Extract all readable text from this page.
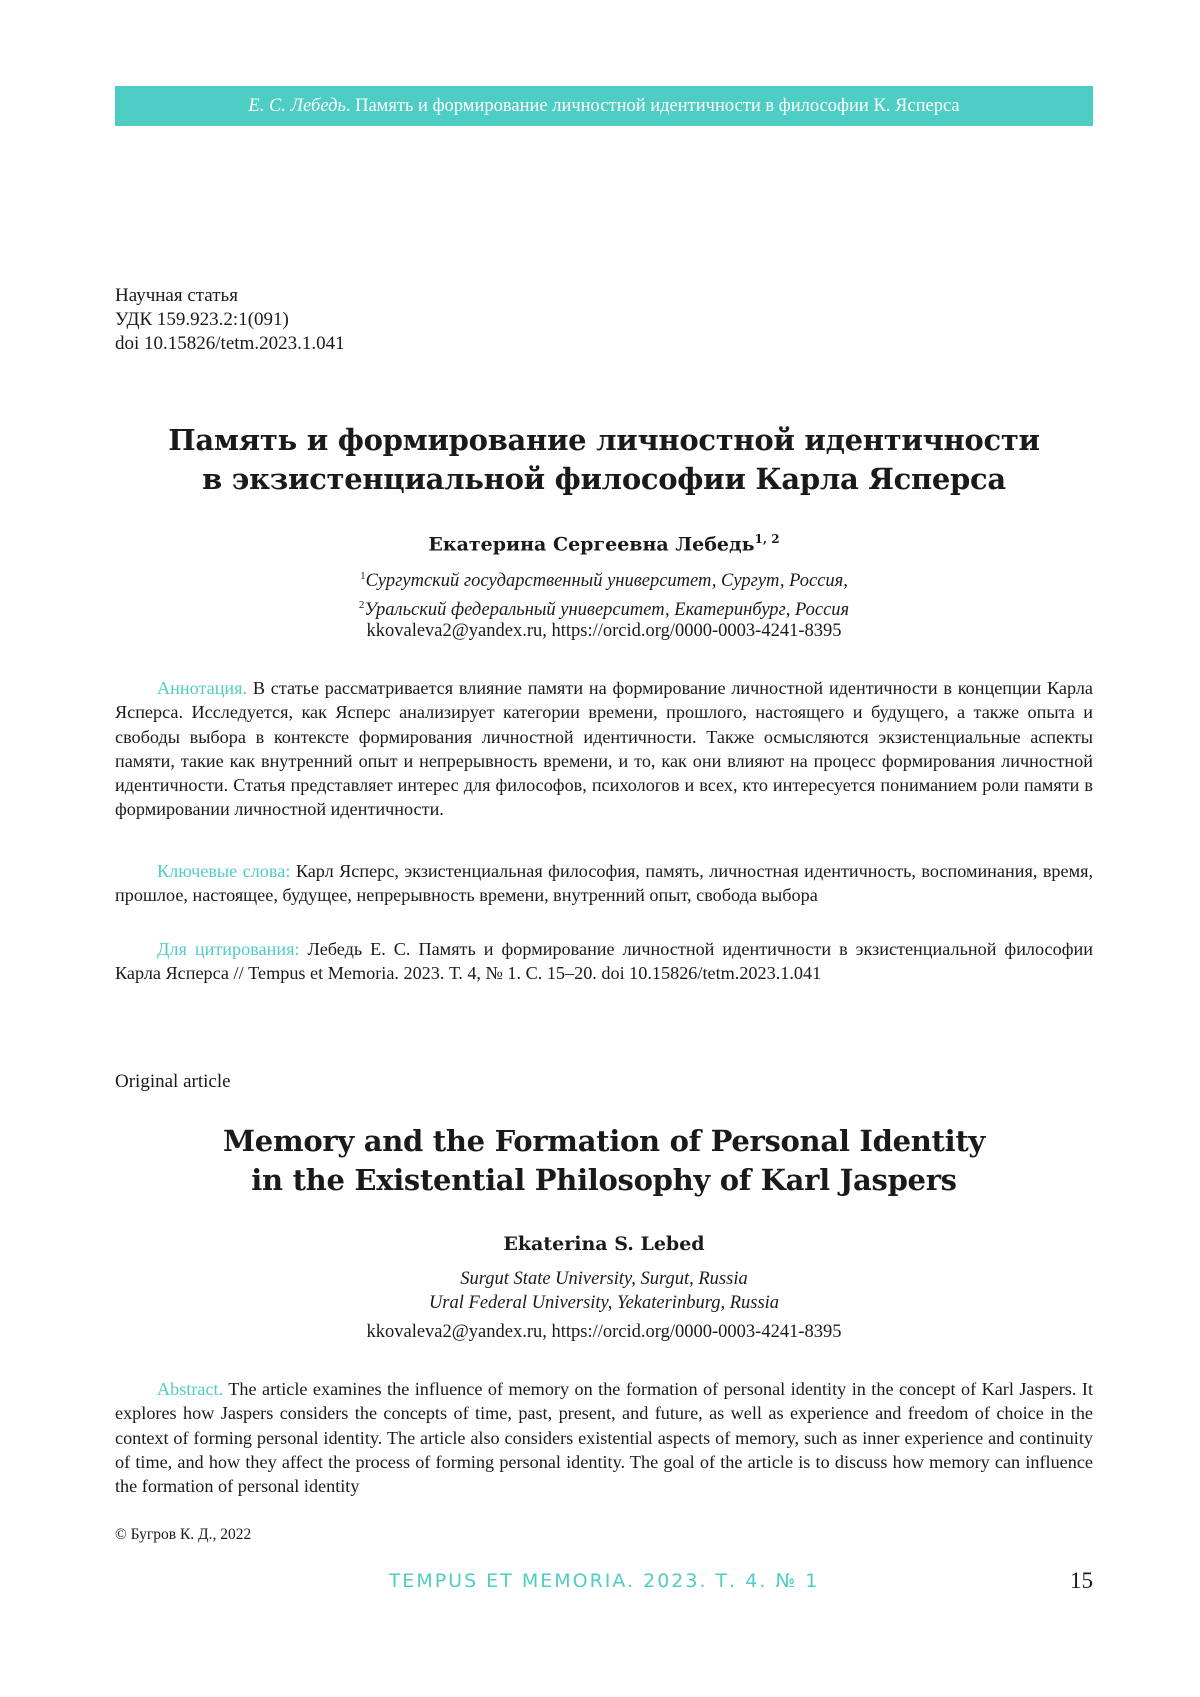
Е. С. Лебедь . Память и формирование личностной идентичности в философии К. Ясперса
Научная статья
УДК 159.923.2:1(091)
doi 10.15826/tetm.2023.1.041
Память и формирование личностной идентичности
в экзистенциальной философии Карла Ясперса
Екатерина Сергеевна Лебедь1, 2
1Сургутский государственный университет, Сургут, Россия,
2Уральский федеральный университет, Екатеринбург, Россия
kkovaleva2@yandex.ru, https://orcid.org/0000-0003-4241-8395
Аннотация. В статье рассматривается влияние памяти на формирование личностной идентичности в концепции Карла Ясперса. Исследуется, как Ясперс анализирует категории времени, прошлого, настоящего и будущего, а также опыта и свободы выбора в контексте формирования личностной идентичности. Также осмысляются экзистенциальные аспекты памяти, такие как внутренний опыт и непрерывность времени, и то, как они влияют на процесс формирования личностной идентичности. Статья представляет интерес для философов, психологов и всех, кто интересуется пониманием роли памяти в формировании личностной идентичности.
Ключевые слова: Карл Ясперс, экзистенциальная философия, память, личностная идентичность, воспоминания, время, прошлое, настоящее, будущее, непрерывность времени, внутренний опыт, свобода выбора
Для цитирования: Лебедь Е. С. Память и формирование личностной идентичности в экзистенциальной философии Карла Ясперса // Tempus et Memoria. 2023. Т. 4, № 1. С. 15–20. doi 10.15826/tetm.2023.1.041
Original article
Memory and the Formation of Personal Identity
in the Existential Philosophy of Karl Jaspers
Ekaterina S. Lebed
Surgut State University, Surgut, Russia
Ural Federal University, Yekaterinburg, Russia
kkovaleva2@yandex.ru, https://orcid.org/0000-0003-4241-8395
Abstract. The article examines the influence of memory on the formation of personal identity in the concept of Karl Jaspers. It explores how Jaspers considers the concepts of time, past, present, and future, as well as experience and freedom of choice in the context of forming personal identity. The article also considers existential aspects of memory, such as inner experience and continuity of time, and how they affect the process of forming personal identity. The goal of the article is to discuss how memory can influence the formation of personal identity
© Бугров К. Д., 2022
TEMPUS ET MEMORIA. 2023. Т. 4. № 1	15
